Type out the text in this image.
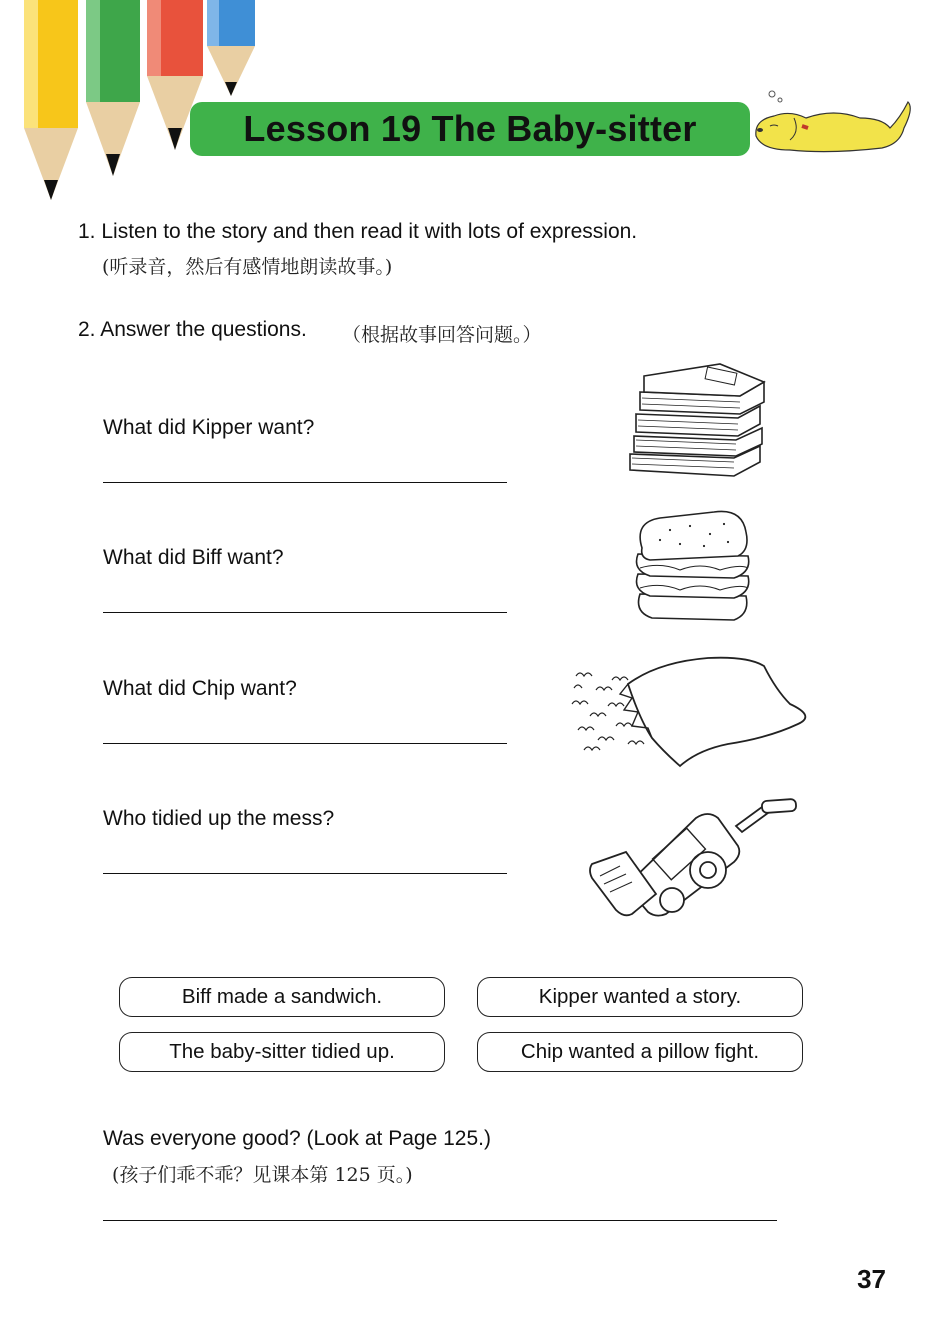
Lesson 19 The Baby-sitter
1. Listen to the story and then read it with lots of expression.
(听录音，然后有感情地朗读故事。)
2. Answer the questions. （根据故事回答问题。）
What did Kipper want?
What did Biff want?
What did Chip want?
Who tidied up the mess?
Biff made a sandwich.	Kipper wanted a story.
The baby-sitter tidied up.	Chip wanted a pillow fight.
Was everyone good? (Look at Page 125.)
(孩子们乖不乖？见课本第 125 页。)
37
